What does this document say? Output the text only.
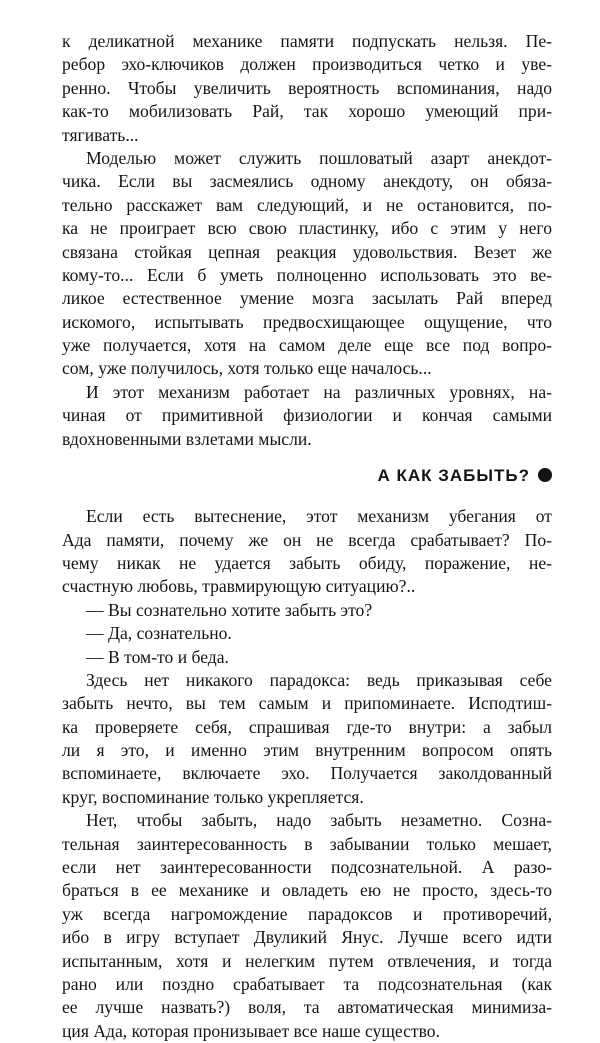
к деликатной механике памяти подпускать нельзя. Пе-
ребор эхо-ключиков должен производиться четко и уве-
ренно. Чтобы увеличить вероятность вспоминания, надо
как-то мобилизовать Рай, так хорошо умеющий при-
тягивать...
Моделью может служить пошловатый азарт анекдот-
чика. Если вы засмеялись одному анекдоту, он обяза-
тельно расскажет вам следующий, и не остановится, по-
ка не проиграет всю свою пластинку, ибо с этим у него
связана стойкая цепная реакция удовольствия. Везет же
кому-то... Если б уметь полноценно использовать это ве-
ликое естественное умение мозга засылать Рай вперед
искомого, испытывать предвосхищающее ощущение, что
уже получается, хотя на самом деле еще все под вопро-
сом, уже получилось, хотя только еще началось...
И этот механизм работает на различных уровнях, на-
чиная от примитивной физиологии и кончая самыми
вдохновенными взлетами мысли.
А КАК ЗАБЫТЬ?
Если есть вытеснение, этот механизм убегания от
Ада памяти, почему же он не всегда срабатывает? По-
чему никак не удается забыть обиду, поражение, не-
счастную любовь, травмирующую ситуацию?..
— Вы сознательно хотите забыть это?
— Да, сознательно.
— В том-то и беда.
Здесь нет никакого парадокса: ведь приказывая себе
забыть нечто, вы тем самым и припоминаете. Исподтиш-
ка проверяете себя, спрашивая где-то внутри: а забыл
ли я это, и именно этим внутренним вопросом опять
вспоминаете, включаете эхо. Получается заколдованный
круг, воспоминание только укрепляется.
Нет, чтобы забыть, надо забыть незаметно. Созна-
тельная заинтересованность в забывании только мешает,
если нет заинтересованности подсознательной. А разо-
браться в ее механике и овладеть ею не просто, здесь-то
уж всегда нагромождение парадоксов и противоречий,
ибо в игру вступает Двуликий Янус. Лучше всего идти
испытанным, хотя и нелегким путем отвлечения, и тогда
рано или поздно срабатывает та подсознательная (как
ее лучше назвать?) воля, та автоматическая минимиза-
ция Ада, которая пронизывает все наше существо.
